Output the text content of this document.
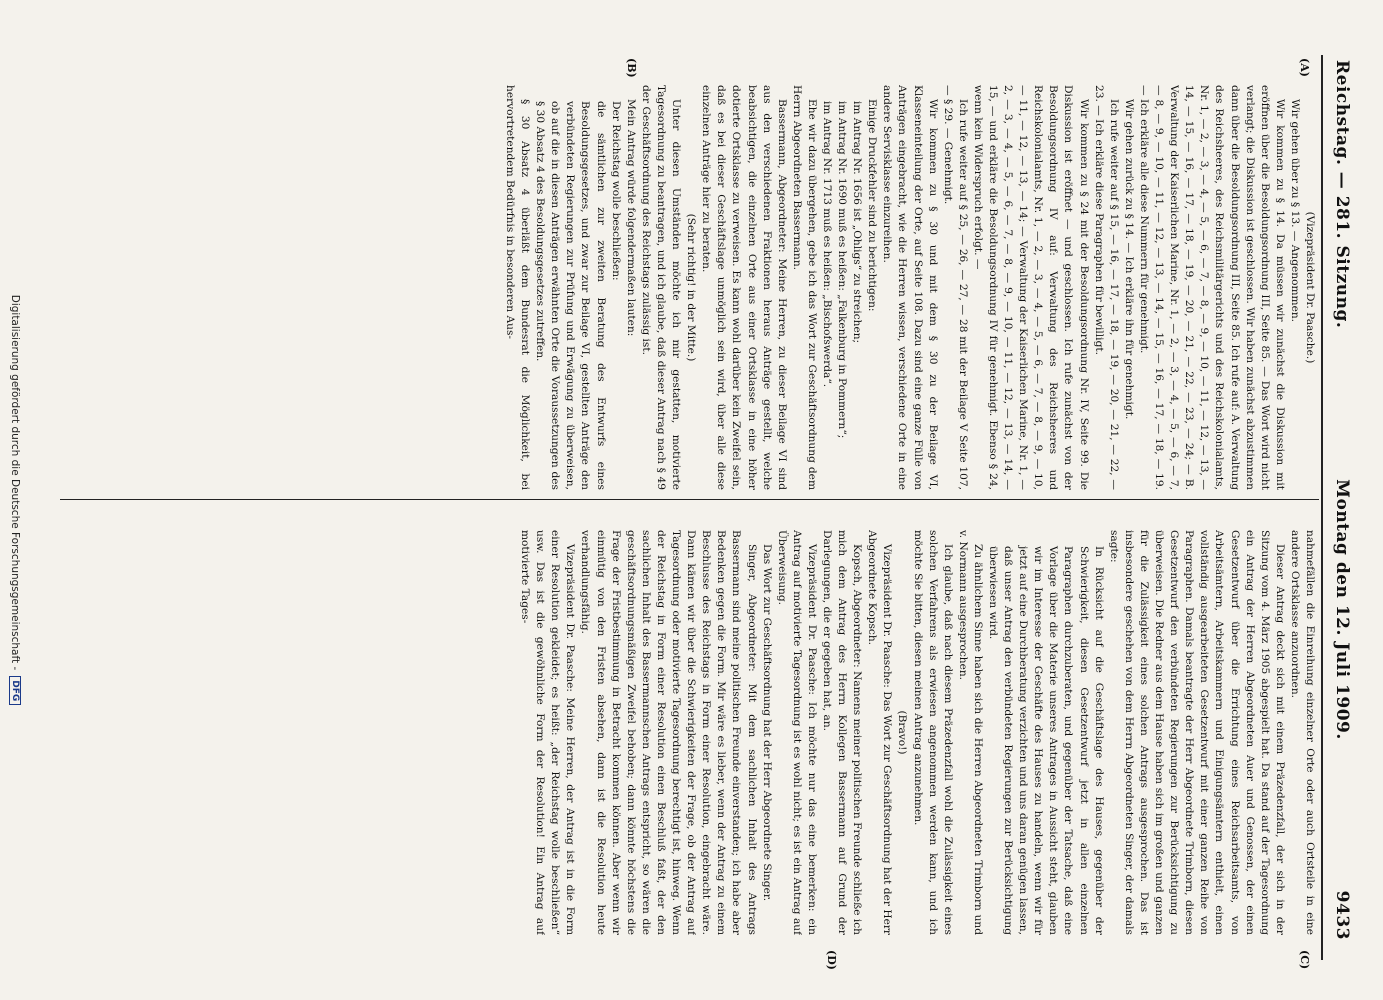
Reichstag. — 281. Sitzung.
Montag den 12. Juli 1909.
9433
(A)
(B)
(C)
(D)

(Vizepräsident Dr. Paasche.)

Wir gehen über zu § 13. — Angenommen.

Wir kommen zu § 14. Da müssen wir zunächst die Diskussion mit eröffnen über die Besoldungsordnung III, Seite 85. — Das Wort wird nicht verlangt; die Diskussion ist geschlossen. Wir haben zunächst abzustimmen dann über die Besoldungsordnung III, Seite 85. Ich rufe auf: A. Verwaltung des Reichsheeres, des Reichsmilitärgerichts und des Reichskolonialamts, Nr. 1, — 2, — 3, — 4, — 5, — 6, — 7, — 8, — 9, — 10, — 11, — 12, — 13, — 14, — 15, — 16, — 17, — 18, — 19, — 20, — 21, — 22, — 23, — 24; — B. Verwaltung der Kaiserlichen Marine, Nr. 1, — 2, — 3, — 4, — 5, — 6, — 7, — 8, — 9, — 10, — 11, — 12, — 13, — 14, — 15, — 16, — 17, — 18, — 19. — Ich erkläre alle diese Nummern für genehmigt.

Wir gehen zurück zu § 14. — Ich erkläre ihn für genehmigt.

Ich rufe weiter auf § 15, — 16, — 17, — 18, — 19, — 20, — 21, — 22, — 23. — Ich erkläre diese Paragraphen für bewilligt.

Wir kommen zu § 24 mit der Besoldungsordnung Nr. IV, Seite 99. Die Diskussion ist eröffnet — und geschlossen. Ich rufe zunächst von der Besoldungsordnung IV auf: Verwaltung des Reichsheeres und Reichskolonialamts, Nr. 1, — 2, — 3, — 4, — 5, — 6, — 7, — 8, — 9, — 10, — 11, — 12, — 13, — 14; — Verwaltung der Kaiserlichen Marine, Nr. 1, — 2, — 3, — 4, — 5, — 6, — 7, — 8, — 9, — 10, — 11, — 12, — 13, — 14, — 15, — und erkläre die Besoldungsordnung IV für genehmigt. Ebenso § 24, wenn kein Widerspruch erfolgt. —

Ich rufe weiter auf § 25, — 26, — 27, — 28 mit der Beilage V Seite 107, — § 29. — Genehmigt.

Wir kommen zu § 30 und mit dem § 30 zu der Beilage VI, Klasseneinteilung der Orte, auf Seite 108. Dazu sind eine ganze Fülle von Anträgen eingebracht, wie die Herren wissen, verschiedene Orte in eine andere Servisklasse einzureihen.

Einige Druckfehler sind zu berichtigen:

im Antrag Nr. 1656 ist „Ohligs“ zu streichen;

im Antrag Nr. 1690 muß es heißen: „Falkenburg in Pommern“;

im Antrag Nr. 1713 muß es heißen: „Bischofswerda“.

Ehe wir dazu übergehen, gebe ich das Wort zur Geschäftsordnung dem Herrn Abgeordneten Bassermann.

Bassermann, Abgeordneter: Meine Herren, zu dieser Beilage VI sind aus den verschiedenen Fraktionen heraus Anträge gestellt, welche beabsichtigen, die einzelnen Orte aus einer Ortsklasse in eine höher dotierte Ortsklasse zu verweisen. Es kann wohl darüber kein Zweifel sein, daß es bei dieser Geschäftslage unmöglich sein wird, über alle diese einzelnen Anträge hier zu beraten.

(Sehr richtig! in der Mitte.)

Unter diesen Umständen möchte ich mir gestatten, motivierte Tagesordnung zu beantragen, und ich glaube, daß dieser Antrag nach § 49 der Geschäftsordnung des Reichstags zulässig ist.

Mein Antrag würde folgendermaßen lauten:

Der Reichstag wolle beschließen:

die sämtlichen zur zweiten Beratung des Entwurfs eines Besoldungsgesetzes, und zwar zur Beilage VI, gestellten Anträge den verbündeten Regierungen zur Prüfung und Erwägung zu überweisen, ob auf die in diesen Anträgen erwähnten Orte die Voraussetzungen des § 30 Absatz 4 des Besoldungsgesetzes zutreffen.

§ 30 Absatz 4 überläßt dem Bundesrat die Möglichkeit, bei hervortretendem Bedürfnis in besonderen Aus-

nahmefällen die Einreihung einzelner Orte oder auch Ortsteile in eine andere Ortsklasse anzuordnen.

Dieser Antrag deckt sich mit einem Präzedenzfall, der sich in der Sitzung vom 4. März 1905 abgespielt hat. Da stand auf der Tagesordnung ein Antrag der Herren Abgeordneten Auer und Genossen, der einen Gesetzentwurf über die Errichtung eines Reichsarbeitsamts, von Arbeitsämtern, Arbeitskammern und Einigungsämtern enthielt, einen vollständig ausgearbeiteten Gesetzentwurf mit einer ganzen Reihe von Paragraphen. Damals beantragte der Herr Abgeordnete Trimborn, diesen Gesetzentwurf den verbündeten Regierungen zur Berücksichtigung zu überweisen. Die Redner aus dem Hause haben sich im großen und ganzen für die Zulässigkeit eines solchen Antrags ausgesprochen. Das ist insbesondere geschehen von dem Herrn Abgeordneten Singer, der damals sagte:

In Rücksicht auf die Geschäftslage des Hauses, gegenüber der Schwierigkeit, diesen Gesetzentwurf jetzt in allen einzelnen Paragraphen durchzuberaten, und gegenüber der Tatsache, daß eine Vorlage über die Materie unseres Antrages in Aussicht steht, glauben wir im Interesse der Geschäfte des Hauses zu handeln, wenn wir für jetzt auf eine Durchberatung verzichten und uns daran genügen lassen, daß unser Antrag den verbündeten Regierungen zur Berücksichtigung überwiesen wird.

Zu ähnlichem Sinne haben sich die Herren Abgeordneten Trimborn und v. Normann ausgesprochen.

Ich glaube, daß nach diesem Präzedenzfall wohl die Zulässigkeit eines solchen Verfahrens als erwiesen angenommen werden kann, und ich möchte Sie bitten, diesen meinen Antrag anzunehmen.

(Bravo!)

Vizepräsident Dr. Paasche: Das Wort zur Geschäftsordnung hat der Herr Abgeordnete Kopsch.

Kopsch, Abgeordneter: Namens meiner politischen Freunde schließe ich mich dem Antrag des Herrn Kollegen Bassermann auf Grund der Darlegungen, die er gegeben hat, an.

Vizepräsident Dr. Paasche: Ich möchte nur das eine bemerken: ein Antrag auf motivierte Tagesordnung ist es wohl nicht; es ist ein Antrag auf Überweisung.

Das Wort zur Geschäftsordnung hat der Herr Abgeordnete Singer.

Singer, Abgeordneter: Mit dem sachlichen Inhalt des Antrags Bassermann sind meine politischen Freunde einverstanden; ich habe aber Bedenken gegen die Form. Mir wäre es lieber, wenn der Antrag zu einem Beschlusse des Reichstags in Form einer Resolution, eingebracht wäre. Dann kämen wir über die Schwierigkeiten der Frage, ob der Antrag auf Tagesordnung oder motivierte Tagesordnung berechtigt ist, hinweg. Wenn der Reichstag in Form einer Resolution einen Beschluß faßt, der den sachlichen Inhalt des Bassermannschen Antrags entspricht, so wären die geschäftsordnungsmäßigen Zweifel behoben; dann könnte höchstens die Frage der Fristbestimmung in Betracht kommen können. Aber wenn wir einmütig von den Fristen absehen, dann ist die Resolution heute verhandlungsfähig.

Vizepräsident Dr. Paasche: Meine Herren, der Antrag ist in die Form einer Resolution gekleidet; es heißt: „der Reichstag wolle beschließen“ usw. Das ist die gewöhnliche Form der Resolution! Ein Antrag auf motivierte Tages-

Digitalisierung gefördert durch die Deutsche Forschungsgemeinschaft -
DFG
